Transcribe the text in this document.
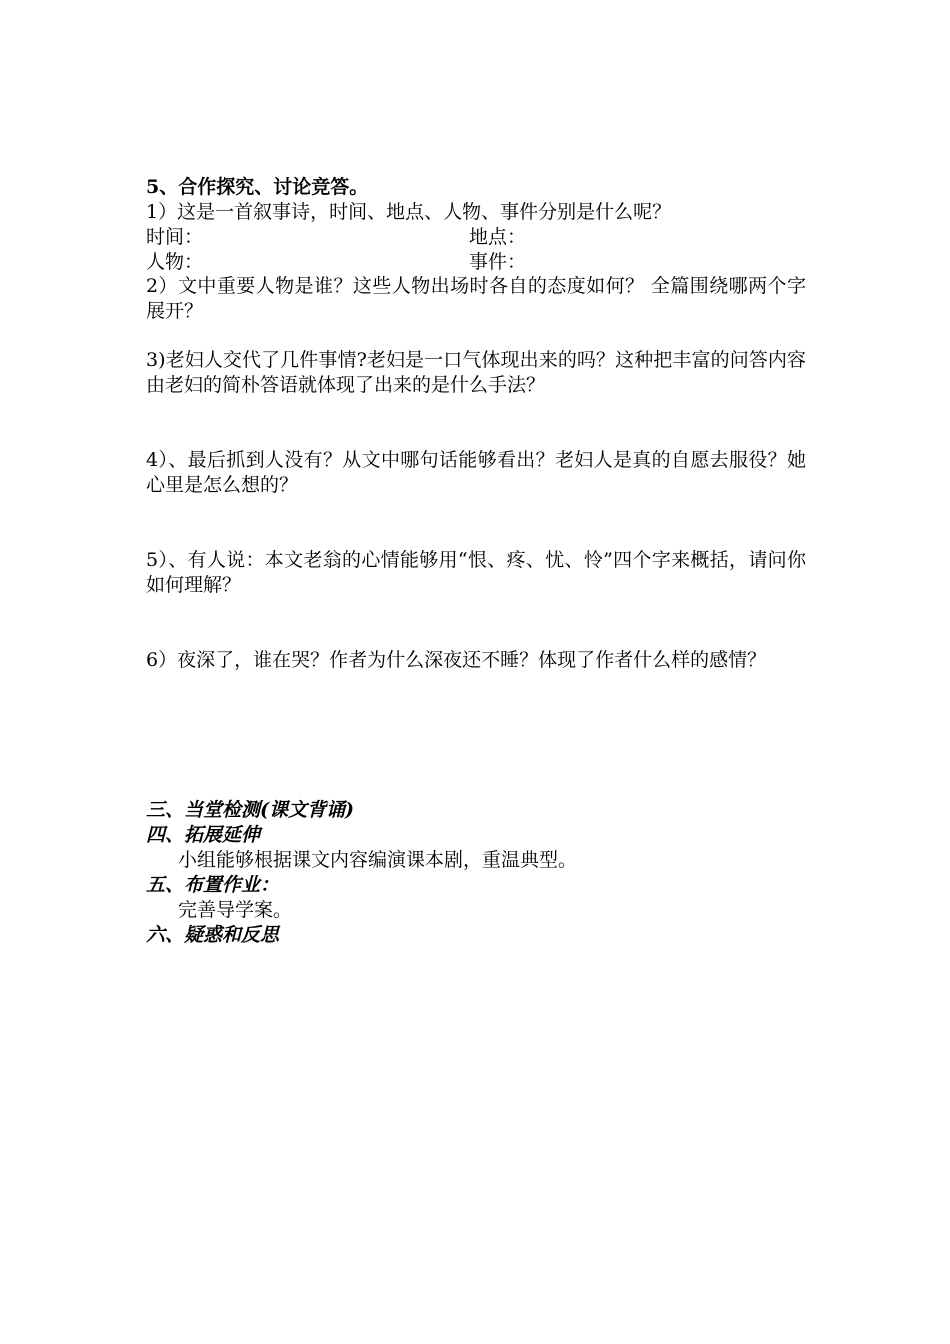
5、合作探究、讨论竞答。
1）这是一首叙事诗，时间、地点、人物、事件分别是什么呢？
时间：	地点：
人物：	事件：
2）文中重要人物是谁？这些人物出场时各自的态度如何？ 全篇围绕哪两个字展开？
3)老妇人交代了几件事情?老妇是一口气体现出来的吗？这种把丰富的问答内容由老妇的简朴答语就体现了出来的是什么手法？
4）、最后抓到人没有？从文中哪句话能够看出？老妇人是真的自愿去服役？她心里是怎么想的？
5）、有人说：本文老翁的心情能够用“恨、疼、忧、怜”四个字来概括，请问你如何理解？
6）夜深了，谁在哭？作者为什么深夜还不睡？体现了作者什么样的感情？
三、当堂检测(课文背诵)
四、拓展延伸
小组能够根据课文内容编演课本剧，重温典型。
五、布置作业：
完善导学案。
六、疑惑和反思
